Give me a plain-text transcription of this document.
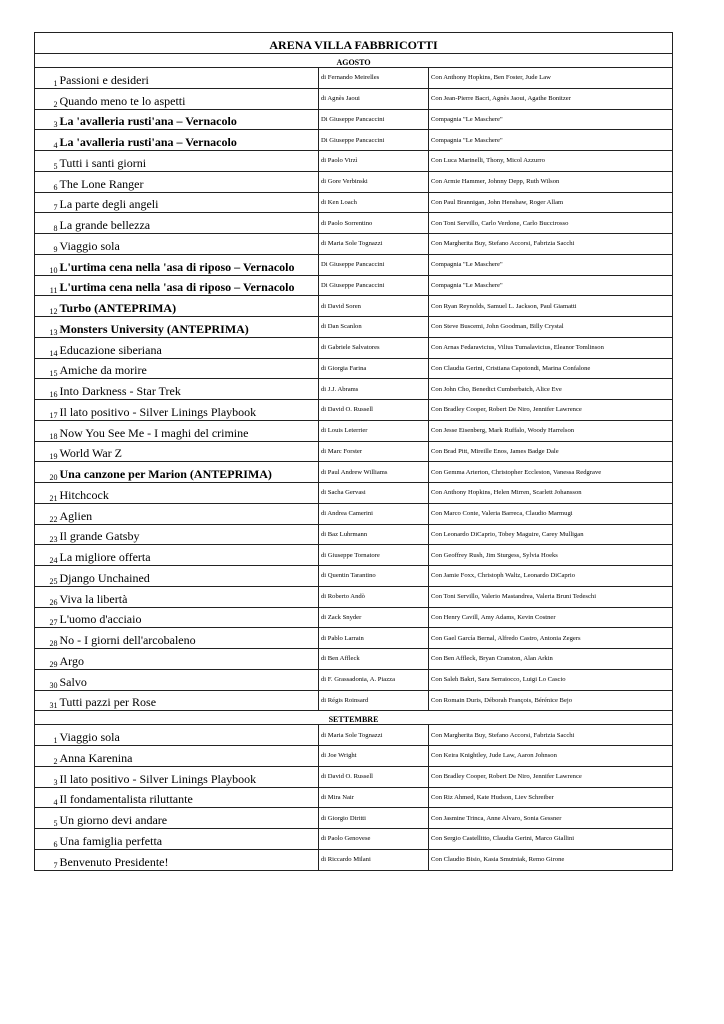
ARENA VILLA FABBRICOTTI			
AGOSTO			
1	Passioni e desideri	di Fernando Meirelles	Con Anthony Hopkins, Ben Foster, Jude Law
2	Quando meno te lo aspetti	di Agnès Jaoui	Con Jean-Pierre Bacri, Agnès Jaoui, Agathe Bonitzer
3	La 'avalleria rusti'ana – Vernacolo	Di Giuseppe Pancaccini	Compagnia "Le Maschere"
4	La 'avalleria rusti'ana – Vernacolo	Di Giuseppe Pancaccini	Compagnia "Le Maschere"
5	Tutti i santi giorni	di Paolo Virzì	Con Luca Marinelli, Thony, Micol Azzurro
6	The Lone Ranger	di Gore Verbinski	Con Armie Hammer, Johnny Depp, Ruth Wilson
7	La parte degli angeli	di Ken Loach	Con Paul Brannigan, John Henshaw, Roger Allam
8	La grande bellezza	di Paolo Sorrentino	Con Toni Servillo, Carlo Verdone, Carlo Buccirosso
9	Viaggio sola	di Maria Sole Tognazzi	Con Margherita Buy, Stefano Accorsi, Fabrizia Sacchi
10	L'urtima cena nella 'asa di riposo – Vernacolo	Di Giuseppe Pancaccini	Compagnia "Le Maschere"
11	L'urtima cena nella 'asa di riposo – Vernacolo	Di Giuseppe Pancaccini	Compagnia "Le Maschere"
12	Turbo (ANTEPRIMA)	di David Soren	Con Ryan Reynolds, Samuel L. Jackson, Paul Giamatti
13	Monsters University (ANTEPRIMA)	di Dan Scanlon	Con Steve Buscemi, John Goodman, Billy Crystal
14	Educazione siberiana	di Gabriele Salvatores	Con Arnas Fedaravicius, Vilius Tumalavicius, Eleanor Tomlinson
15	Amiche da morire	di Giorgia Farina	Con Claudia Gerini, Cristiana Capotondi, Marina Confalone
16	Into Darkness - Star Trek	di J.J. Abrams	Con John Cho, Benedict Cumberbatch, Alice Eve
17	Il lato positivo - Silver Linings Playbook	di David O. Russell	Con Bradley Cooper, Robert De Niro, Jennifer Lawrence
18	Now You See Me - I maghi del crimine	di Louis Leterrier	Con Jesse Eisenberg, Mark Ruffalo, Woody Harrelson
19	World War Z	di Marc Forster	Con Brad Pitt, Mireille Enos, James Badge Dale
20	Una canzone per Marion (ANTEPRIMA)	di Paul Andrew Williams	Con Gemma Arterton, Christopher Eccleston, Vanessa Redgrave
21	Hitchcock	di Sacha Gervasi	Con Anthony Hopkins, Helen Mirren, Scarlett Johansson
22	Aglien	di Andrea Camerini	Con Marco Conte, Valeria Barreca, Claudio Marmugi
23	Il grande Gatsby	di Baz Luhrmann	Con Leonardo DiCaprio, Tobey Maguire, Carey Mulligan
24	La migliore offerta	di Giuseppe Tornatore	Con Geoffrey Rush, Jim Sturgess, Sylvia Hoeks
25	Django Unchained	di Quentin Tarantino	Con Jamie Foxx, Christoph Waltz, Leonardo DiCaprio
26	Viva la libertà	di Roberto Andò	Con Toni Servillo, Valerio Mastandrea, Valeria Bruni Tedeschi
27	L'uomo d'acciaio	di Zack Snyder	Con Henry Cavill, Amy Adams, Kevin Costner
28	No - I giorni dell'arcobaleno	di Pablo Larrain	Con Gael García Bernal, Alfredo Castro, Antonia Zegers
29	Argo	di Ben Affleck	Con Ben Affleck, Bryan Cranston, Alan Arkin
30	Salvo	di F. Grassadonia, A. Piazza	Con Saleh Bakri, Sara Serraiocco, Luigi Lo Cascio
31	Tutti pazzi per Rose	di Régis Roinsard	Con Romain Duris, Déborah François, Bérénice Bejo
SETTEMBRE			
1	Viaggio sola	di Maria Sole Tognazzi	Con Margherita Buy, Stefano Accorsi, Fabrizia Sacchi
2	Anna Karenina	di Joe Wright	Con Keira Knightley, Jude Law, Aaron Johnson
3	Il lato positivo - Silver Linings Playbook	di David O. Russell	Con Bradley Cooper, Robert De Niro, Jennifer Lawrence
4	Il fondamentalista riluttante	di Mira Nair	Con Riz Ahmed, Kate Hudson, Liev Schreiber
5	Un giorno devi andare	di Giorgio Diritti	Con Jasmine Trinca, Anne Alvaro, Sonia Gessner
6	Una famiglia perfetta	di Paolo Genovese	Con Sergio Castellitto, Claudia Gerini, Marco Giallini
7	Benvenuto Presidente!	di Riccardo Milani	Con Claudio Bisio, Kasia Smutniak, Remo Girone
